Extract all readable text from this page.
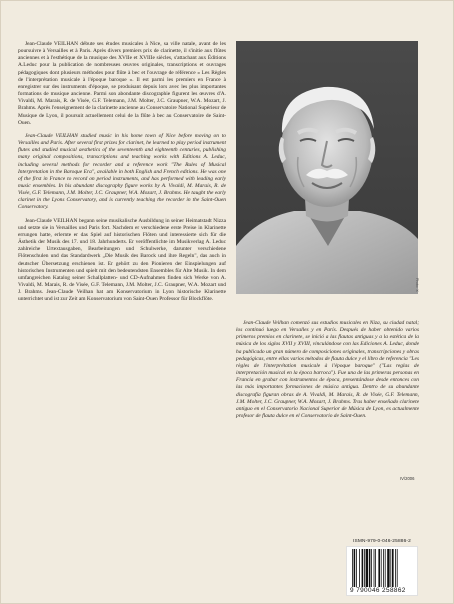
Jean-Claude VEILHAN débute ses études musicales à Nice, sa ville natale, avant de les poursuivre à Versailles et à Paris. Après divers premiers prix de clarinette, il s'initie aux flûtes anciennes et à l'esthétique de la musique des XVIIe et XVIIIe siècles, s'attachant aux Éditions A.Leduc pour la publication de nombreuses œuvres originales, transcriptions et ouvrages pédagogiques dont plusieurs méthodes pour flûte à bec et l'ouvrage de référence « Les Règles de l'interprétation musicale à l'époque baroque ». Il est parmi les premiers en France à enregistrer sur des instruments d'époque, se produisant depuis lors avec les plus importantes formations de musique ancienne. Parmi son abondante discographie figurent les œuvres d'A. Vivaldi, M. Marais, R. de Visée, G.F. Telemann, J.M. Molter, J.C. Graupner, W.A. Mozart, J. Brahms. Après l'enseignement de la clarinette ancienne au Conservatoire National Supérieur de Musique de Lyon, il poursuit actuellement celui de la flûte à bec au Conservatoire de Saint-Ouen.

Jean-Claude VEILHAN studied music in his home town of Nice before moving on to Versailles and Paris. After several first prizes for clarinet, he learned to play period instrument flutes and studied musical aesthetics of the seventeenth and eighteenth centuries, publishing many original compositions, transcriptions and teaching works with Editions A. Leduc, including several methods for recorder and a reference work "The Rules of Musical Interpretation in the Baroque Era", available in both English and French editions. He was one of the first in France to record on period instruments, and has performed with leading early music ensembles. In his abundant discography figure works by A. Vivaldi, M. Marais, R. de Visée, G.F. Telemann, J.M. Molter, J.C. Graupner, W.A. Mozart, J. Brahms. He taught the early clarinet in the Lyons Conservatory, and is currently teaching the recorder in the Saint-Ouen Conservatory.

Jean-Claude VEILHAN begann seine musikalische Ausbildung in seiner Heimatstadt Nizza und setzte sie in Versailles und Paris fort. Nachdem er verschiedene erste Preise in Klarinette errungen hatte, erlernte er das Spiel auf historischen Flöten und interessierte sich für die Ästhetik der Musik des 17. und 18. Jahrhunderts. Er veröffentlichte im Musikverlag A. Leduc zahlreiche Urtextausgaben, Bearbeitungen und Schulwerke, darunter verschiedene Flötenschulen und das Standardwerk „Die Musik des Barock und ihre Regeln", das auch in deutscher Übersetzung erschienen ist. Er gehört zu den Pionieren der Einspielungen auf historischen Instrumenten und spielt mit den bedeutendsten Ensembles für Alte Musik. In dem umfangreichen Katalog seiner Schallplatten- und CD-Aufnahmen finden sich Werke von A. Vivaldi, M. Marais, R. de Visée, G.F. Telemann, J.M. Molter, J.C. Graupner, W.A. Mozart und J. Brahms. Jean-Claude Veilhan hat am Konservatorium in Lyon historische Klarinette unterrichtet und ist zur Zeit am Konservatorium von Saint-Ouen Professor für Blockflöte.

Photo: X

Jean-Claude Veilhan comenzó sus estudios musicales en Niza, su ciudad natal; los continuó luego en Versalles y en París. Después de haber obtenido varios primeros premios en clarinete, se inició a las flautas antiguas y a la estética de la música de los siglos XVII y XVIII, vinculándose con las Ediciones A. Leduc, donde ha publicado un gran número de composiciones originales, transcripciones y obras pedagógicas, entre ellas varios métodos de flauta dulce y el libro de referencia "Les règles de l'interprétation musicale à l'époque baroque" ("Las reglas de interpretación musical en la época barroca"). Fue una de las primeras personas en Francia en grabar con instrumentos de época, presentándose desde entonces con las más importantes formaciones de música antigua. Dentro de su abundante discografía figuran obras de A. Vivaldi, M. Marais, R. de Visée, G.F. Telemann, J.M. Molter, J.C. Graupner, W.A. Mozart, J. Brahms. Tras haber enseñado clarinete antiguo en el Conservatorio Nacional Superior de Música de Lyon, es actualmente profesor de flauta dulce en el Conservatorio de Saint-Ouen.

IV/2006
ISMN-979-0-046-25886-2
9 790046 258862
